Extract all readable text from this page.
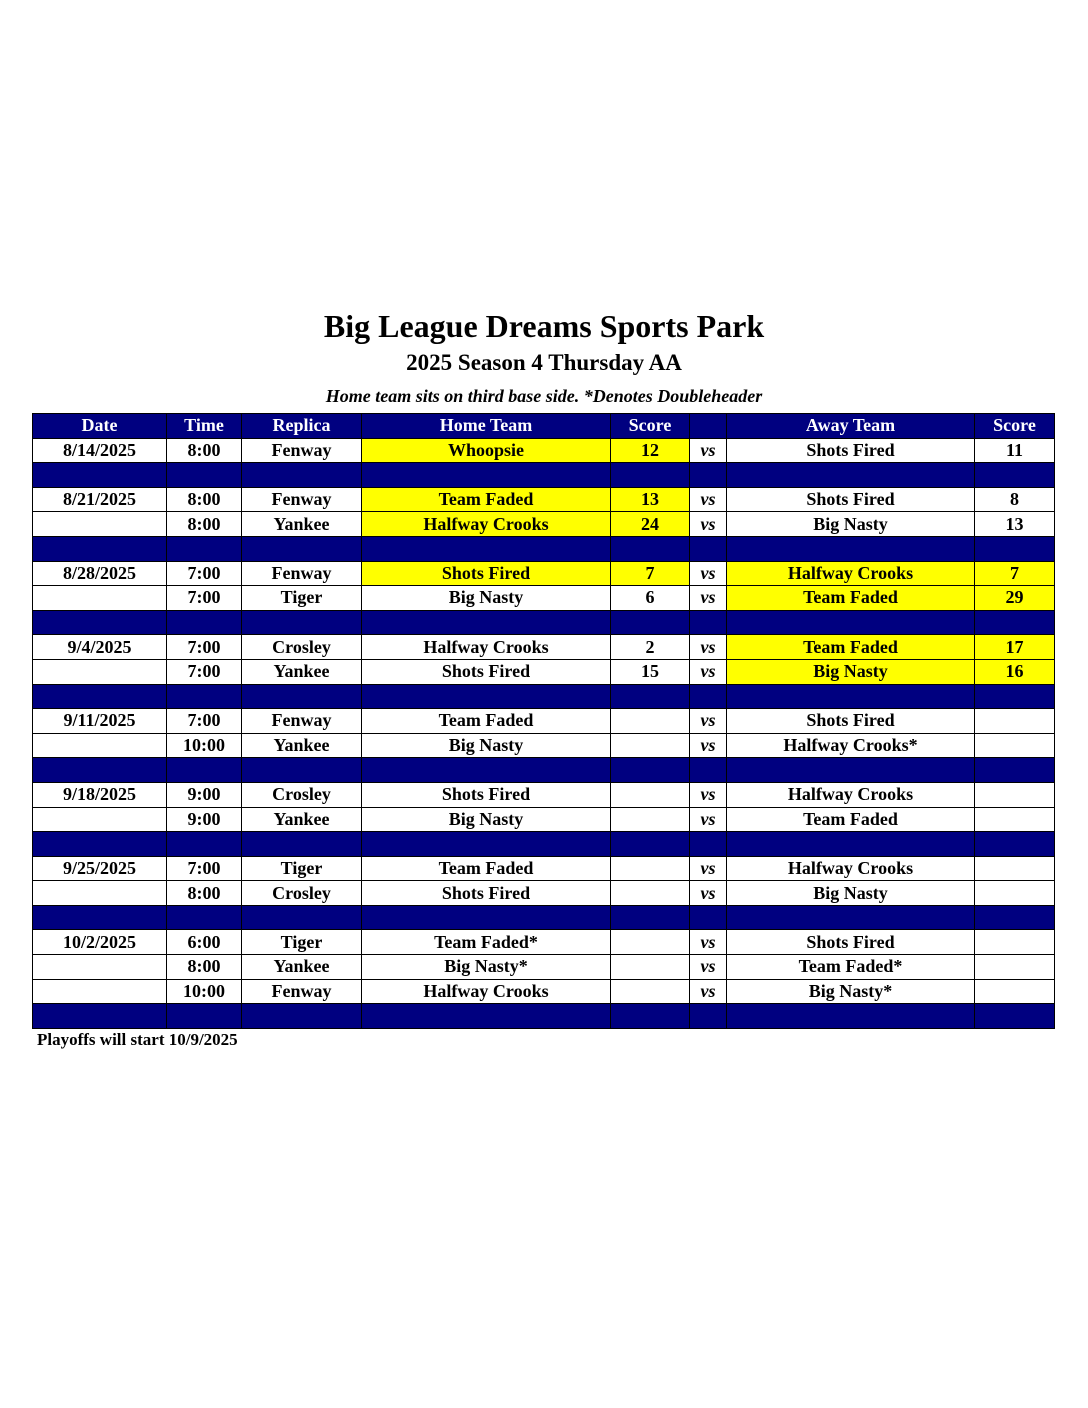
Big League Dreams Sports Park
2025 Season 4 Thursday AA
Home team sits on third base side. *Denotes Doubleheader
Date	Time	Replica	Home Team	Score		Away Team	Score
8/14/2025	8:00	Fenway	Whoopsie	12	vs	Shots Fired	11

8/21/2025	8:00	Fenway	Team Faded	13	vs	Shots Fired	8
	8:00	Yankee	Halfway Crooks	24	vs	Big Nasty	13

8/28/2025	7:00	Fenway	Shots Fired	7	vs	Halfway Crooks	7
	7:00	Tiger	Big Nasty	6	vs	Team Faded	29

9/4/2025	7:00	Crosley	Halfway Crooks	2	vs	Team Faded	17
	7:00	Yankee	Shots Fired	15	vs	Big Nasty	16

9/11/2025	7:00	Fenway	Team Faded		vs	Shots Fired	
	10:00	Yankee	Big Nasty		vs	Halfway Crooks*	

9/18/2025	9:00	Crosley	Shots Fired		vs	Halfway Crooks	
	9:00	Yankee	Big Nasty		vs	Team Faded	

9/25/2025	7:00	Tiger	Team Faded		vs	Halfway Crooks	
	8:00	Crosley	Shots Fired		vs	Big Nasty	

10/2/2025	6:00	Tiger	Team Faded*		vs	Shots Fired	
	8:00	Yankee	Big Nasty*		vs	Team Faded*	
	10:00	Fenway	Halfway Crooks		vs	Big Nasty*	

Playoffs will start 10/9/2025
